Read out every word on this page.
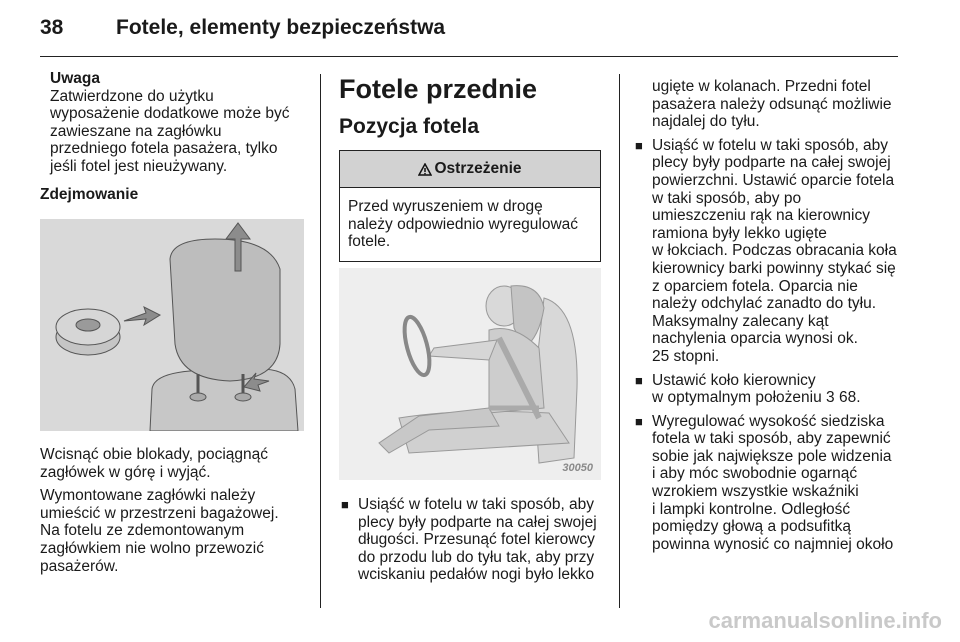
38	Fotele, elementy bezpieczeństwa

Uwaga

Zatwierdzone do użytku

wyposażenie dodatkowe może być

zawieszane na zagłówku

przedniego fotela pasażera, tylko

jeśli fotel jest nieużywany.

Zdejmowanie

Wcisnąć obie blokady, pociągnąć

zagłówek w górę i wyjąć.

Wymontowane zagłówki należy

umieścić w przestrzeni bagażowej.

Na fotelu ze zdemontowanym

zagłówkiem nie wolno przewozić

pasażerów.

Fotele przednie
Pozycja fotela
Ostrzeżenie

Przed wyruszeniem w drogę

należy odpowiednio wyregulować

fotele.

30050
■ Usiąść w fotelu w taki sposób, aby

plecy były podparte na całej swojej

długości. Przesunąć fotel kierowcy

do przodu lub do tyłu tak, aby przy

wciskaniu pedałów nogi było lekko

ugięte w kolanach. Przedni fotel

pasażera należy odsunąć możliwie

najdalej do tyłu.

■ Usiąść w fotelu w taki sposób, aby

plecy były podparte na całej swojej

powierzchni. Ustawić oparcie fotela

w taki sposób, aby po

umieszczeniu rąk na kierownicy

ramiona były lekko ugięte

w łokciach. Podczas obracania koła

kierownicy barki powinny stykać się

z oparciem fotela. Oparcia nie

należy odchylać zanadto do tyłu.

Maksymalny zalecany kąt

nachylenia oparcia wynosi ok.

25 stopni.

■ Ustawić koło kierownicy

w optymalnym położeniu 3 68.

■ Wyregulować wysokość siedziska

fotela w taki sposób, aby zapewnić

sobie jak największe pole widzenia

i aby móc swobodnie ogarnąć

wzrokiem wszystkie wskaźniki

i lampki kontrolne. Odległość

pomiędzy głową a podsufitką

powinna wynosić co najmniej około

carmanualsonline.info
